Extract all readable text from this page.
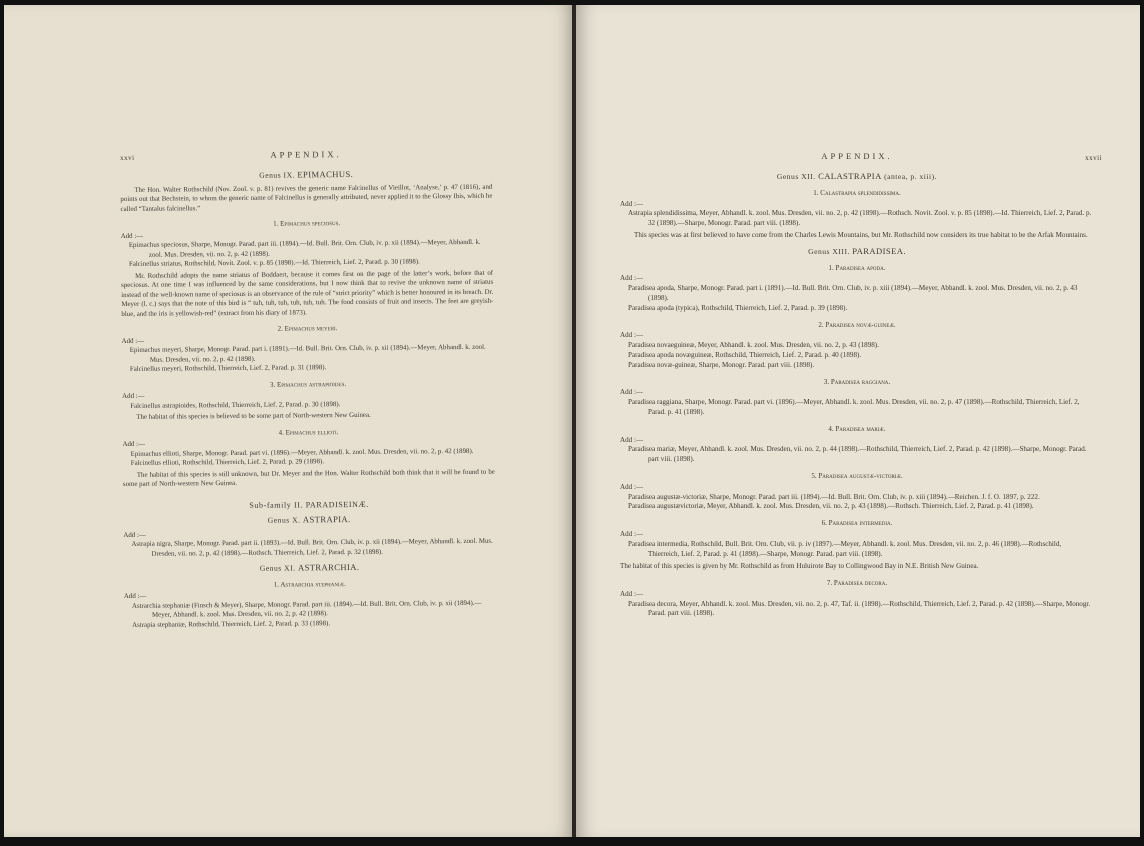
xxvi	APPENDIX.
Genus IX. EPIMACHUS.

The Hon. Walter Rothschild (Nov. Zool. v. p. 81) revives the generic name Falcinellus of Vieillot, ‘Analyse,’ p. 47 (1816), and points out that Bechstein, to whom the generic name of Falcinellus is generally attributed, never applied it to the Glossy Ibis, which he called “Tantalus falcinellus.”

1. Epimachus speciosus.

Add :—

Epimachus speciosus, Sharpe, Monogr. Parad. part iii. (1894).—Id. Bull. Brit. Orn. Club, iv. p. xii (1894).—Meyer, Abhandl. k. zool. Mus. Dresden, vii. no. 2, p. 42 (1898).

Falcinellus striatus, Rothschild, Novit. Zool. v. p. 85 (1898).—Id. Thierreich, Lief. 2, Parad. p. 30 (1898).

Mr. Rothschild adopts the name striatus of Boddaert, because it comes first on the page of the latter’s work, before that of speciosus. At one time I was influenced by the same considerations, but I now think that to revive the unknown name of striatus instead of the well-known name of speciosus is an observance of the rule of “strict priority” which is better honoured in its breach. Dr. Meyer (l. c.) says that the note of this bird is “ tuh, tuh, tuh, tuh, tuh, tuh. The food consists of fruit and insects. The feet are greyish-blue, and the iris is yellowish-red” (extract from his diary of 1873).

2. Epimachus meyeri.

Add :—

Epimachus meyeri, Sharpe, Monogr. Parad. part i. (1891).—Id. Bull. Brit. Orn. Club, iv. p. xii (1894).—Meyer, Abhandl. k. zool. Mus. Dresden, vii. no. 2, p. 42 (1898).

Falcinellus meyeri, Rothschild, Thierreich, Lief. 2, Parad. p. 31 (1898).

3. Epimachus astrapioides.

Add :—

Falcinellus astrapioides, Rothschild, Thierreich, Lief. 2, Parad. p. 30 (1898).

The habitat of this species is believed to be some part of North-western New Guinea.

4. Epimachus ellioti.

Add :—

Epimachus ellioti, Sharpe, Monogr. Parad. part vi. (1896).—Meyer, Abhandl. k. zool. Mus. Dresden, vii. no. 2, p. 42 (1898).

Falcinellus ellioti, Rothschild, Thierreich, Lief. 2, Parad. p. 29 (1898).

The habitat of this species is still unknown, but Dr. Meyer and the Hon. Walter Rothschild both think that it will be found to be some part of North-western New Guinea.

Sub-family II. PARADISEINÆ.
Genus X. ASTRAPIA.

Add :—

Astrapia nigra, Sharpe, Monogr. Parad. part ii. (1893).—Id. Bull. Brit. Orn. Club, iv. p. xii (1894).—Meyer, Abhandl. k. zool. Mus. Dresden, vii. no. 2, p. 42 (1898).—Rothsch. Thierreich, Lief. 2, Parad. p. 32 (1898).

Genus XI. ASTRARCHIA.
1. Astrarchia stephaniæ.

Add :—

Astrarchia stephaniæ (Finsch & Meyer), Sharpe, Monogr. Parad. part iii. (1894).—Id. Bull. Brit. Orn. Club, iv. p. xii (1894).—Meyer, Abhandl. k. zool. Mus. Dresden, vii. no. 2, p. 42 (1898).

Astrapia stephaniæ, Rothschild, Thierreich, Lief. 2, Parad. p. 33 (1898).

APPENDIX.	xxvii
Genus XII. CALASTRAPIA (antea, p. xiii).
1. Calastrapia splendidissima.

Add :—

Astrapia splendidissima, Meyer, Abhandl. k. zool. Mus. Dresden, vii. no. 2, p. 42 (1898).—Rothsch. Novit. Zool. v. p. 85 (1898).—Id. Thierreich, Lief. 2, Parad. p. 32 (1898).—Sharpe, Monogr. Parad. part viii. (1898).

This species was at first believed to have come from the Charles Lewis Mountains, but Mr. Rothschild now considers its true habitat to be the Arfak Mountains.

Genus XIII. PARADISEA.
1. Paradisea apoda.

Add :—

Paradisea apoda, Sharpe, Monogr. Parad. part i. (1891).—Id. Bull. Brit. Orn. Club, iv. p. xiii (1894).—Meyer, Abhandl. k. zool. Mus. Dresden, vii. no. 2, p. 43 (1898).

Paradisea apoda (typica), Rothschild, Thierreich, Lief. 2, Parad. p. 39 (1898).

2. Paradisea novæ-guineæ.

Add :—

Paradisea novaeguineæ, Meyer, Abhandl. k. zool. Mus. Dresden, vii. no. 2, p. 43 (1898).

Paradisea apoda novæguineæ, Rothschild, Thierreich, Lief. 2, Parad. p. 40 (1898).

Paradisea novæ-guineæ, Sharpe, Monogr. Parad. part viii. (1898).

3. Paradisea raggiana.

Add :—

Paradisea raggiana, Sharpe, Monogr. Parad. part vi. (1896).—Meyer, Abhandl. k. zool. Mus. Dresden, vii. no. 2, p. 47 (1898).—Rothschild, Thierreich, Lief. 2, Parad. p. 41 (1898).

4. Paradisea mariæ.

Add :—

Paradisea mariæ, Meyer, Abhandl. k. zool. Mus. Dresden, vii. no. 2, p. 44 (1898).—Rothschild, Thierreich, Lief. 2, Parad. p. 42 (1898).—Sharpe, Monogr. Parad. part viii. (1898).

5. Paradisea augustæ-victoriæ.

Add :—

Paradisea augustæ-victoriæ, Sharpe, Monogr. Parad. part iii. (1894).—Id. Bull. Brit. Orn. Club, iv. p. xiii (1894).—Reichen. J. f. O. 1897, p. 222.

Paradisea augustævictoriæ, Meyer, Abhandl. k. zool. Mus. Dresden, vii. no. 2, p. 43 (1898).—Rothsch. Thierreich, Lief. 2, Parad. p. 41 (1898).

6. Paradisea intermedia.

Add :—

Paradisea intermedia, Rothschild, Bull. Brit. Orn. Club, vii. p. iv (1897).—Meyer, Abhandl. k. zool. Mus. Dresden, vii. no. 2, p. 46 (1898).—Rothschild, Thierreich, Lief. 2, Parad. p. 41 (1898).—Sharpe, Monogr. Parad. part viii. (1898).

The habitat of this species is given by Mr. Rothschild as from Huluirote Bay to Collingwood Bay in N.E. British New Guinea.

7. Paradisea decora.

Add :—

Paradisea decora, Meyer, Abhandl. k. zool. Mus. Dresden, vii. no. 2, p. 47, Taf. ii. (1898).—Rothschild, Thierreich, Lief. 2, Parad. p. 42 (1898).—Sharpe, Monogr. Parad. part viii. (1898).
